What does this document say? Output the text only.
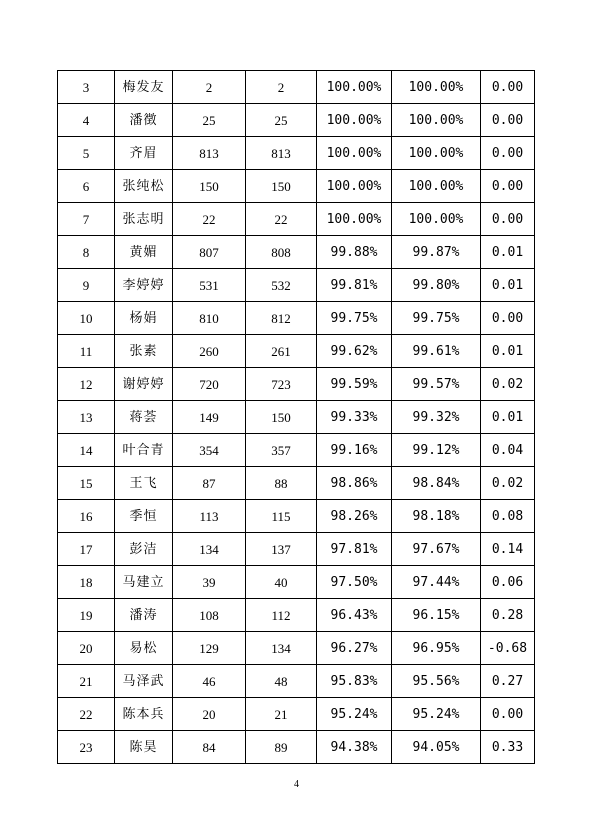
3	梅发友	2	2	100.00%	100.00%	0.00
4	潘徴	25	25	100.00%	100.00%	0.00
5	齐眉	813	813	100.00%	100.00%	0.00
6	张纯松	150	150	100.00%	100.00%	0.00
7	张志明	22	22	100.00%	100.00%	0.00
8	黄媚	807	808	99.88%	99.87%	0.01
9	李婷婷	531	532	99.81%	99.80%	0.01
10	杨娟	810	812	99.75%	99.75%	0.00
11	张素	260	261	99.62%	99.61%	0.01
12	谢婷婷	720	723	99.59%	99.57%	0.02
13	蒋荟	149	150	99.33%	99.32%	0.01
14	叶合青	354	357	99.16%	99.12%	0.04
15	王飞	87	88	98.86%	98.84%	0.02
16	季恒	113	115	98.26%	98.18%	0.08
17	彭洁	134	137	97.81%	97.67%	0.14
18	马建立	39	40	97.50%	97.44%	0.06
19	潘涛	108	112	96.43%	96.15%	0.28
20	易松	129	134	96.27%	96.95%	-0.68
21	马泽武	46	48	95.83%	95.56%	0.27
22	陈本兵	20	21	95.24%	95.24%	0.00
23	陈昊	84	89	94.38%	94.05%	0.33
4
